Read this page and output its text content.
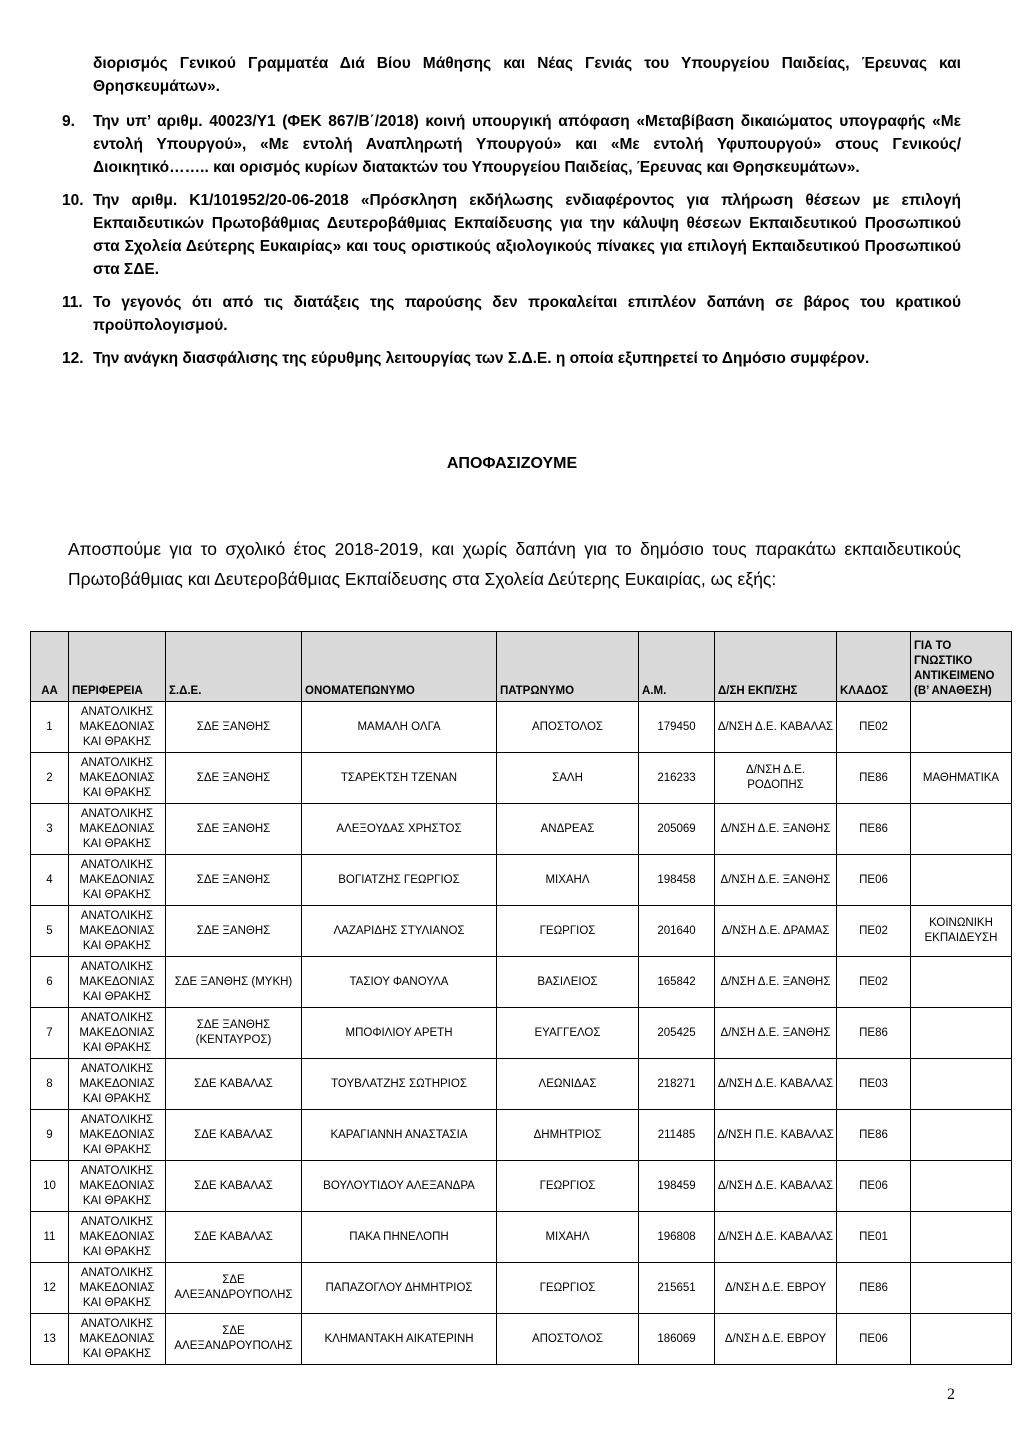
διορισμός Γενικού Γραμματέα Διά Βίου Μάθησης και Νέας Γενιάς του Υπουργείου Παιδείας, Έρευνας και Θρησκευμάτων».
9. Την υπ’ αριθμ. 40023/Υ1 (ΦΕΚ 867/Β΄/2018) κοινή υπουργική απόφαση «Μεταβίβαση δικαιώματος υπογραφής «Με εντολή Υπουργού», «Με εντολή Αναπληρωτή Υπουργού» και «Με εντολή Υφυπουργού» στους Γενικούς/Διοικητικό…….. και ορισμός κυρίων διατακτών του Υπουργείου Παιδείας, Έρευνας και Θρησκευμάτων».
10. Την αριθμ. Κ1/101952/20-06-2018 «Πρόσκληση εκδήλωσης ενδιαφέροντος για πλήρωση θέσεων με επιλογή Εκπαιδευτικών Πρωτοβάθμιας Δευτεροβάθμιας Εκπαίδευσης για την κάλυψη θέσεων Εκπαιδευτικού Προσωπικού στα Σχολεία Δεύτερης Ευκαιρίας» και τους οριστικούς αξιολογικούς πίνακες για επιλογή Εκπαιδευτικού Προσωπικού στα ΣΔΕ.
11. Το γεγονός ότι από τις διατάξεις της παρούσης δεν προκαλείται επιπλέον δαπάνη σε βάρος του κρατικού προϋπολογισμού.
12. Την ανάγκη διασφάλισης της εύρυθμης λειτουργίας των Σ.Δ.Ε. η οποία εξυπηρετεί το Δημόσιο συμφέρον.
ΑΠΟΦΑΣΙΖΟΥΜΕ
Αποσπούμε για το σχολικό έτος 2018-2019, και χωρίς δαπάνη για το δημόσιο τους παρακάτω εκπαιδευτικούς Πρωτοβάθμιας και Δευτεροβάθμιας Εκπαίδευσης στα Σχολεία Δεύτερης Ευκαιρίας, ως εξής:
ΑΑ	ΠΕΡΙΦΕΡΕΙΑ	Σ.Δ.Ε.	ΟΝΟΜΑΤΕΠΩΝΥΜΟ	ΠΑΤΡΩΝΥΜΟ	Α.Μ.	Δ/ΣΗ ΕΚΠ/ΣΗΣ	ΚΛΑΔΟΣ	ΓΙΑ ΤΟ ΓΝΩΣΤΙΚΟ ΑΝΤΙΚΕΙΜΕΝΟ (Β’ ΑΝΑΘΕΣΗ)
1	ΑΝΑΤΟΛΙΚΗΣ ΜΑΚΕΔΟΝΙΑΣ ΚΑΙ ΘΡΑΚΗΣ	ΣΔΕ ΞΑΝΘΗΣ	ΜΑΜΑΛΗ ΟΛΓΑ	ΑΠΟΣΤΟΛΟΣ	179450	Δ/ΝΣΗ Δ.Ε. ΚΑΒΑΛΑΣ	ΠΕ02	
2	ΑΝΑΤΟΛΙΚΗΣ ΜΑΚΕΔΟΝΙΑΣ ΚΑΙ ΘΡΑΚΗΣ	ΣΔΕ ΞΑΝΘΗΣ	ΤΣΑΡΕΚΤΣΗ ΤΖΕΝΑΝ	ΣΑΛΗ	216233	Δ/ΝΣΗ Δ.Ε. ΡΟΔΟΠΗΣ	ΠΕ86	ΜΑΘΗΜΑΤΙΚΑ
3	ΑΝΑΤΟΛΙΚΗΣ ΜΑΚΕΔΟΝΙΑΣ ΚΑΙ ΘΡΑΚΗΣ	ΣΔΕ ΞΑΝΘΗΣ	ΑΛΕΞΟΥΔΑΣ ΧΡΗΣΤΟΣ	ΑΝΔΡΕΑΣ	205069	Δ/ΝΣΗ Δ.Ε. ΞΑΝΘΗΣ	ΠΕ86	
4	ΑΝΑΤΟΛΙΚΗΣ ΜΑΚΕΔΟΝΙΑΣ ΚΑΙ ΘΡΑΚΗΣ	ΣΔΕ ΞΑΝΘΗΣ	ΒΟΓΙΑΤΖΗΣ ΓΕΩΡΓΙΟΣ	ΜΙΧΑΗΛ	198458	Δ/ΝΣΗ Δ.Ε. ΞΑΝΘΗΣ	ΠΕ06	
5	ΑΝΑΤΟΛΙΚΗΣ ΜΑΚΕΔΟΝΙΑΣ ΚΑΙ ΘΡΑΚΗΣ	ΣΔΕ ΞΑΝΘΗΣ	ΛΑΖΑΡΙΔΗΣ ΣΤΥΛΙΑΝΟΣ	ΓΕΩΡΓΙΟΣ	201640	Δ/ΝΣΗ Δ.Ε. ΔΡΑΜΑΣ	ΠΕ02	ΚΟΙΝΩΝΙΚΗ ΕΚΠΑΙΔΕΥΣΗ
6	ΑΝΑΤΟΛΙΚΗΣ ΜΑΚΕΔΟΝΙΑΣ ΚΑΙ ΘΡΑΚΗΣ	ΣΔΕ ΞΑΝΘΗΣ (ΜΥΚΗ)	ΤΑΣΙΟΥ ΦΑΝΟΥΛΑ	ΒΑΣΙΛΕΙΟΣ	165842	Δ/ΝΣΗ Δ.Ε. ΞΑΝΘΗΣ	ΠΕ02	
7	ΑΝΑΤΟΛΙΚΗΣ ΜΑΚΕΔΟΝΙΑΣ ΚΑΙ ΘΡΑΚΗΣ	ΣΔΕ ΞΑΝΘΗΣ (ΚΕΝΤΑΥΡΟΣ)	ΜΠΟΦΙΛΙΟΥ ΑΡΕΤΗ	ΕΥΑΓΓΕΛΟΣ	205425	Δ/ΝΣΗ Δ.Ε. ΞΑΝΘΗΣ	ΠΕ86	
8	ΑΝΑΤΟΛΙΚΗΣ ΜΑΚΕΔΟΝΙΑΣ ΚΑΙ ΘΡΑΚΗΣ	ΣΔΕ ΚΑΒΑΛΑΣ	ΤΟΥΒΛΑΤΖΗΣ ΣΩΤΗΡΙΟΣ	ΛΕΩΝΙΔΑΣ	218271	Δ/ΝΣΗ Δ.Ε. ΚΑΒΑΛΑΣ	ΠΕ03	
9	ΑΝΑΤΟΛΙΚΗΣ ΜΑΚΕΔΟΝΙΑΣ ΚΑΙ ΘΡΑΚΗΣ	ΣΔΕ ΚΑΒΑΛΑΣ	ΚΑΡΑΓΙΑΝΝΗ ΑΝΑΣΤΑΣΙΑ	ΔΗΜΗΤΡΙΟΣ	211485	Δ/ΝΣΗ Π.Ε. ΚΑΒΑΛΑΣ	ΠΕ86	
10	ΑΝΑΤΟΛΙΚΗΣ ΜΑΚΕΔΟΝΙΑΣ ΚΑΙ ΘΡΑΚΗΣ	ΣΔΕ ΚΑΒΑΛΑΣ	ΒΟΥΛΟΥΤΙΔΟΥ ΑΛΕΞΑΝΔΡΑ	ΓΕΩΡΓΙΟΣ	198459	Δ/ΝΣΗ Δ.Ε. ΚΑΒΑΛΑΣ	ΠΕ06	
11	ΑΝΑΤΟΛΙΚΗΣ ΜΑΚΕΔΟΝΙΑΣ ΚΑΙ ΘΡΑΚΗΣ	ΣΔΕ ΚΑΒΑΛΑΣ	ΠΑΚΑ ΠΗΝΕΛΟΠΗ	ΜΙΧΑΗΛ	196808	Δ/ΝΣΗ Δ.Ε. ΚΑΒΑΛΑΣ	ΠΕ01	
12	ΑΝΑΤΟΛΙΚΗΣ ΜΑΚΕΔΟΝΙΑΣ ΚΑΙ ΘΡΑΚΗΣ	ΣΔΕ ΑΛΕΞΑΝΔΡΟΥΠΟΛΗΣ	ΠΑΠΑΖΟΓΛΟΥ ΔΗΜΗΤΡΙΟΣ	ΓΕΩΡΓΙΟΣ	215651	Δ/ΝΣΗ Δ.Ε. ΕΒΡΟΥ	ΠΕ86	
13	ΑΝΑΤΟΛΙΚΗΣ ΜΑΚΕΔΟΝΙΑΣ ΚΑΙ ΘΡΑΚΗΣ	ΣΔΕ ΑΛΕΞΑΝΔΡΟΥΠΟΛΗΣ	ΚΛΗΜΑΝΤΑΚΗ ΑΙΚΑΤΕΡΙΝΗ	ΑΠΟΣΤΟΛΟΣ	186069	Δ/ΝΣΗ Δ.Ε. ΕΒΡΟΥ	ΠΕ06	
2
